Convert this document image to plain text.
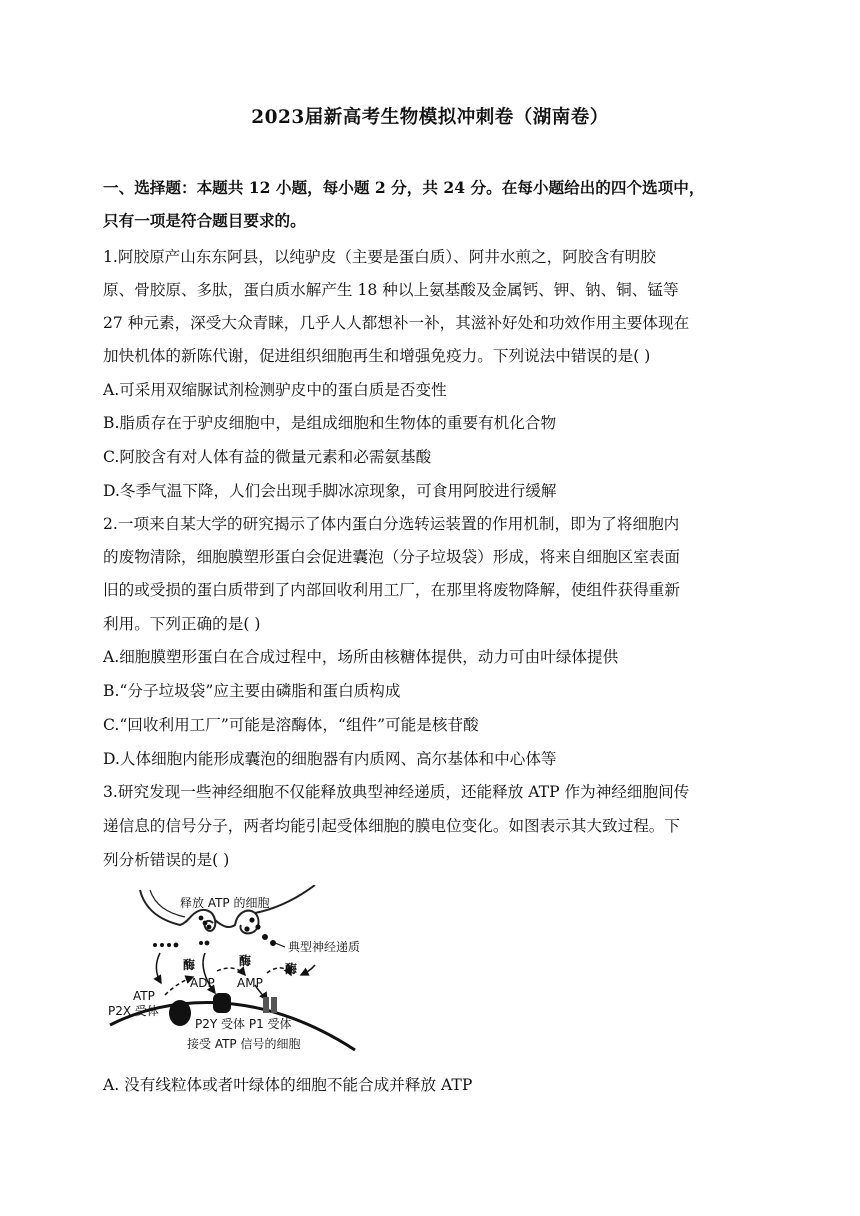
2023届新高考生物模拟冲刺卷（湖南卷）
一、选择题：本题共 12 小题，每小题 2 分，共 24 分。在每小题给出的四个选项中，
只有一项是符合题目要求的。
1.阿胶原产山东东阿县，以纯驴皮（主要是蛋白质）、阿井水煎之，阿胶含有明胶
原、骨胶原、多肽，蛋白质水解产生 18 种以上氨基酸及金属钙、钾、钠、铜、锰等
27 种元素，深受大众青睐，几乎人人都想补一补，其滋补好处和功效作用主要体现在
加快机体的新陈代谢，促进组织细胞再生和增强免疫力。下列说法中错误的是( )
A.可采用双缩脲试剂检测驴皮中的蛋白质是否变性
B.脂质存在于驴皮细胞中，是组成细胞和生物体的重要有机化合物
C.阿胶含有对人体有益的微量元素和必需氨基酸
D.冬季气温下降，人们会出现手脚冰凉现象，可食用阿胶进行缓解
2.一项来自某大学的研究揭示了体内蛋白分选转运装置的作用机制，即为了将细胞内
的废物清除，细胞膜塑形蛋白会促进囊泡（分子垃圾袋）形成，将来自细胞区室表面
旧的或受损的蛋白质带到了内部回收利用工厂，在那里将废物降解，使组件获得重新
利用。下列正确的是( )
A.细胞膜塑形蛋白在合成过程中，场所由核糖体提供，动力可由叶绿体提供
B.“分子垃圾袋”应主要由磷脂和蛋白质构成
C.“回收利用工厂”可能是溶酶体，“组件”可能是核苷酸
D.人体细胞内能形成囊泡的细胞器有内质网、高尔基体和中心体等
3.研究发现一些神经细胞不仅能释放典型神经递质，还能释放 ATP 作为神经细胞间传
递信息的信号分子，两者均能引起受体细胞的膜电位变化。如图表示其大致过程。下
列分析错误的是( )
释放 ATP 的细胞
典型神经递质
酶	酶
酶
ADP AMP
ATP
P2X 受体
P2Y 受体 P1 受体
接受 ATP 信号的细胞
A. 没有线粒体或者叶绿体的细胞不能合成并释放 ATP
